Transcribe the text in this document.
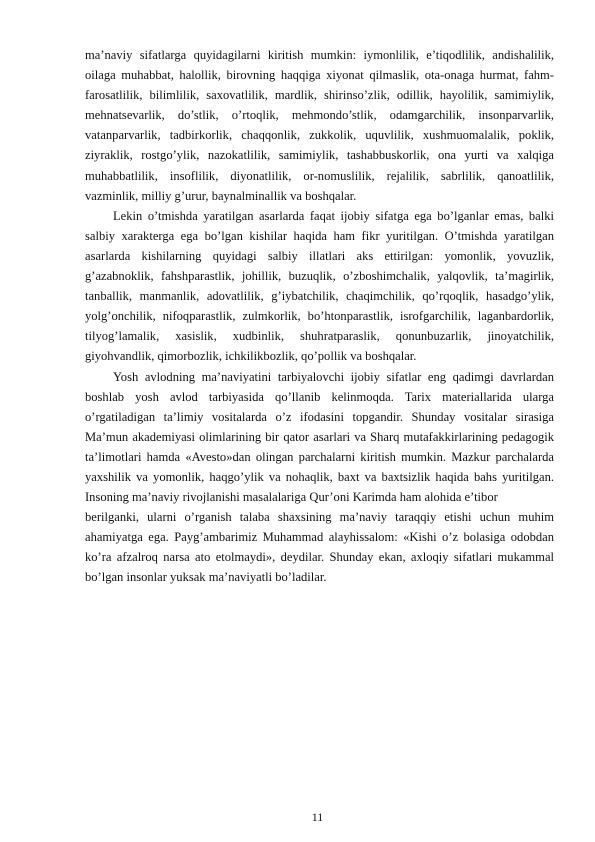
ma’naviy sifatlarga quyidagilarni kiritish mumkin: iymonlilik, e’tiqodlilik, andishalilik, oilaga muhabbat, halollik, birovning haqqiga xiyonat qilmaslik, ota-onaga hurmat, fahm-farosatlilik, bilimlilik, saxovatlilik, mardlik, shirinso’zlik, odillik, hayolilik, samimiylik, mehnatsevarlik, do’stlik, o’rtoqlik, mehmondo’stlik, odamgarchilik, insonparvarlik, vatanparvarlik, tadbirkorlik, chaqqonlik, zukkolik, uquvlilik, xushmuomalalik, poklik, ziyraklik, rostgo’ylik, nazokatlilik, samimiylik, tashabbuskorlik, ona yurti va xalqiga muhabbatlilik, insoflilik, diyonatlilik, or-nomuslilik, rejalilik, sabrlilik, qanoatlilik, vazminlik, milliy g’urur, baynalminallik va boshqalar.

Lekin o’tmishda yaratilgan asarlarda faqat ijobiy sifatga ega bo’lganlar emas, balki salbiy xarakterga ega bo’lgan kishilar haqida ham fikr yuritilgan. O’tmishda yaratilgan asarlarda kishilarning quyidagi salbiy illatlari aks ettirilgan: yomonlik, yovuzlik, g’azabnoklik, fahshparastlik, johillik, buzuqlik, o’zboshimchalik, yalqovlik, ta’magirlik, tanballik, manmanlik, adovatlilik, g’iybatchilik, chaqimchilik, qo’rqoqlik, hasadgo’ylik, yolg’onchilik, nifoqparastlik, zulmkorlik, bo’htonparastlik, isrofgarchilik, laganbardorlik, tilyog’lamalik, xasislik, xudbinlik, shuhratparaslik, qonunbuzarlik, jinoyatchilik, giyohvandlik, qimorbozlik, ichkilikbozlik, qo’pollik va boshqalar.

Yosh avlodning ma’naviyatini tarbiyalovchi ijobiy sifatlar eng qadimgi davrlardan boshlab yosh avlod tarbiyasida qo’llanib kelinmoqda. Tarix materiallarida ularga o’rgatiladigan ta’limiy vositalarda o’z ifodasini topgandir. Shunday vositalar sirasiga Ma’mun akademiyasi olimlarining bir qator asarlari va Sharq mutafakkirlarining pedagogik ta’limotlari hamda «Avesto»dan olingan parchalarni kiritish mumkin. Mazkur parchalarda yaxshilik va yomonlik, haqgo’ylik va nohaqlik, baxt va baxtsizlik haqida bahs yuritilgan. Insoning ma’naviy rivojlanishi masalalariga Qur’oni Karimda ham alohida e’tibor

berilganki, ularni o’rganish talaba shaxsining ma’naviy taraqqiy etishi uchun muhim ahamiyatga ega. Payg’ambarimiz Muhammad alayhissalom: «Kishi o’z bolasiga odobdan ko’ra afzalroq narsa ato etolmaydi», deydilar. Shunday ekan, axloqiy sifatlari mukammal bo’lgan insonlar yuksak ma’naviyatli bo’ladilar.

11
